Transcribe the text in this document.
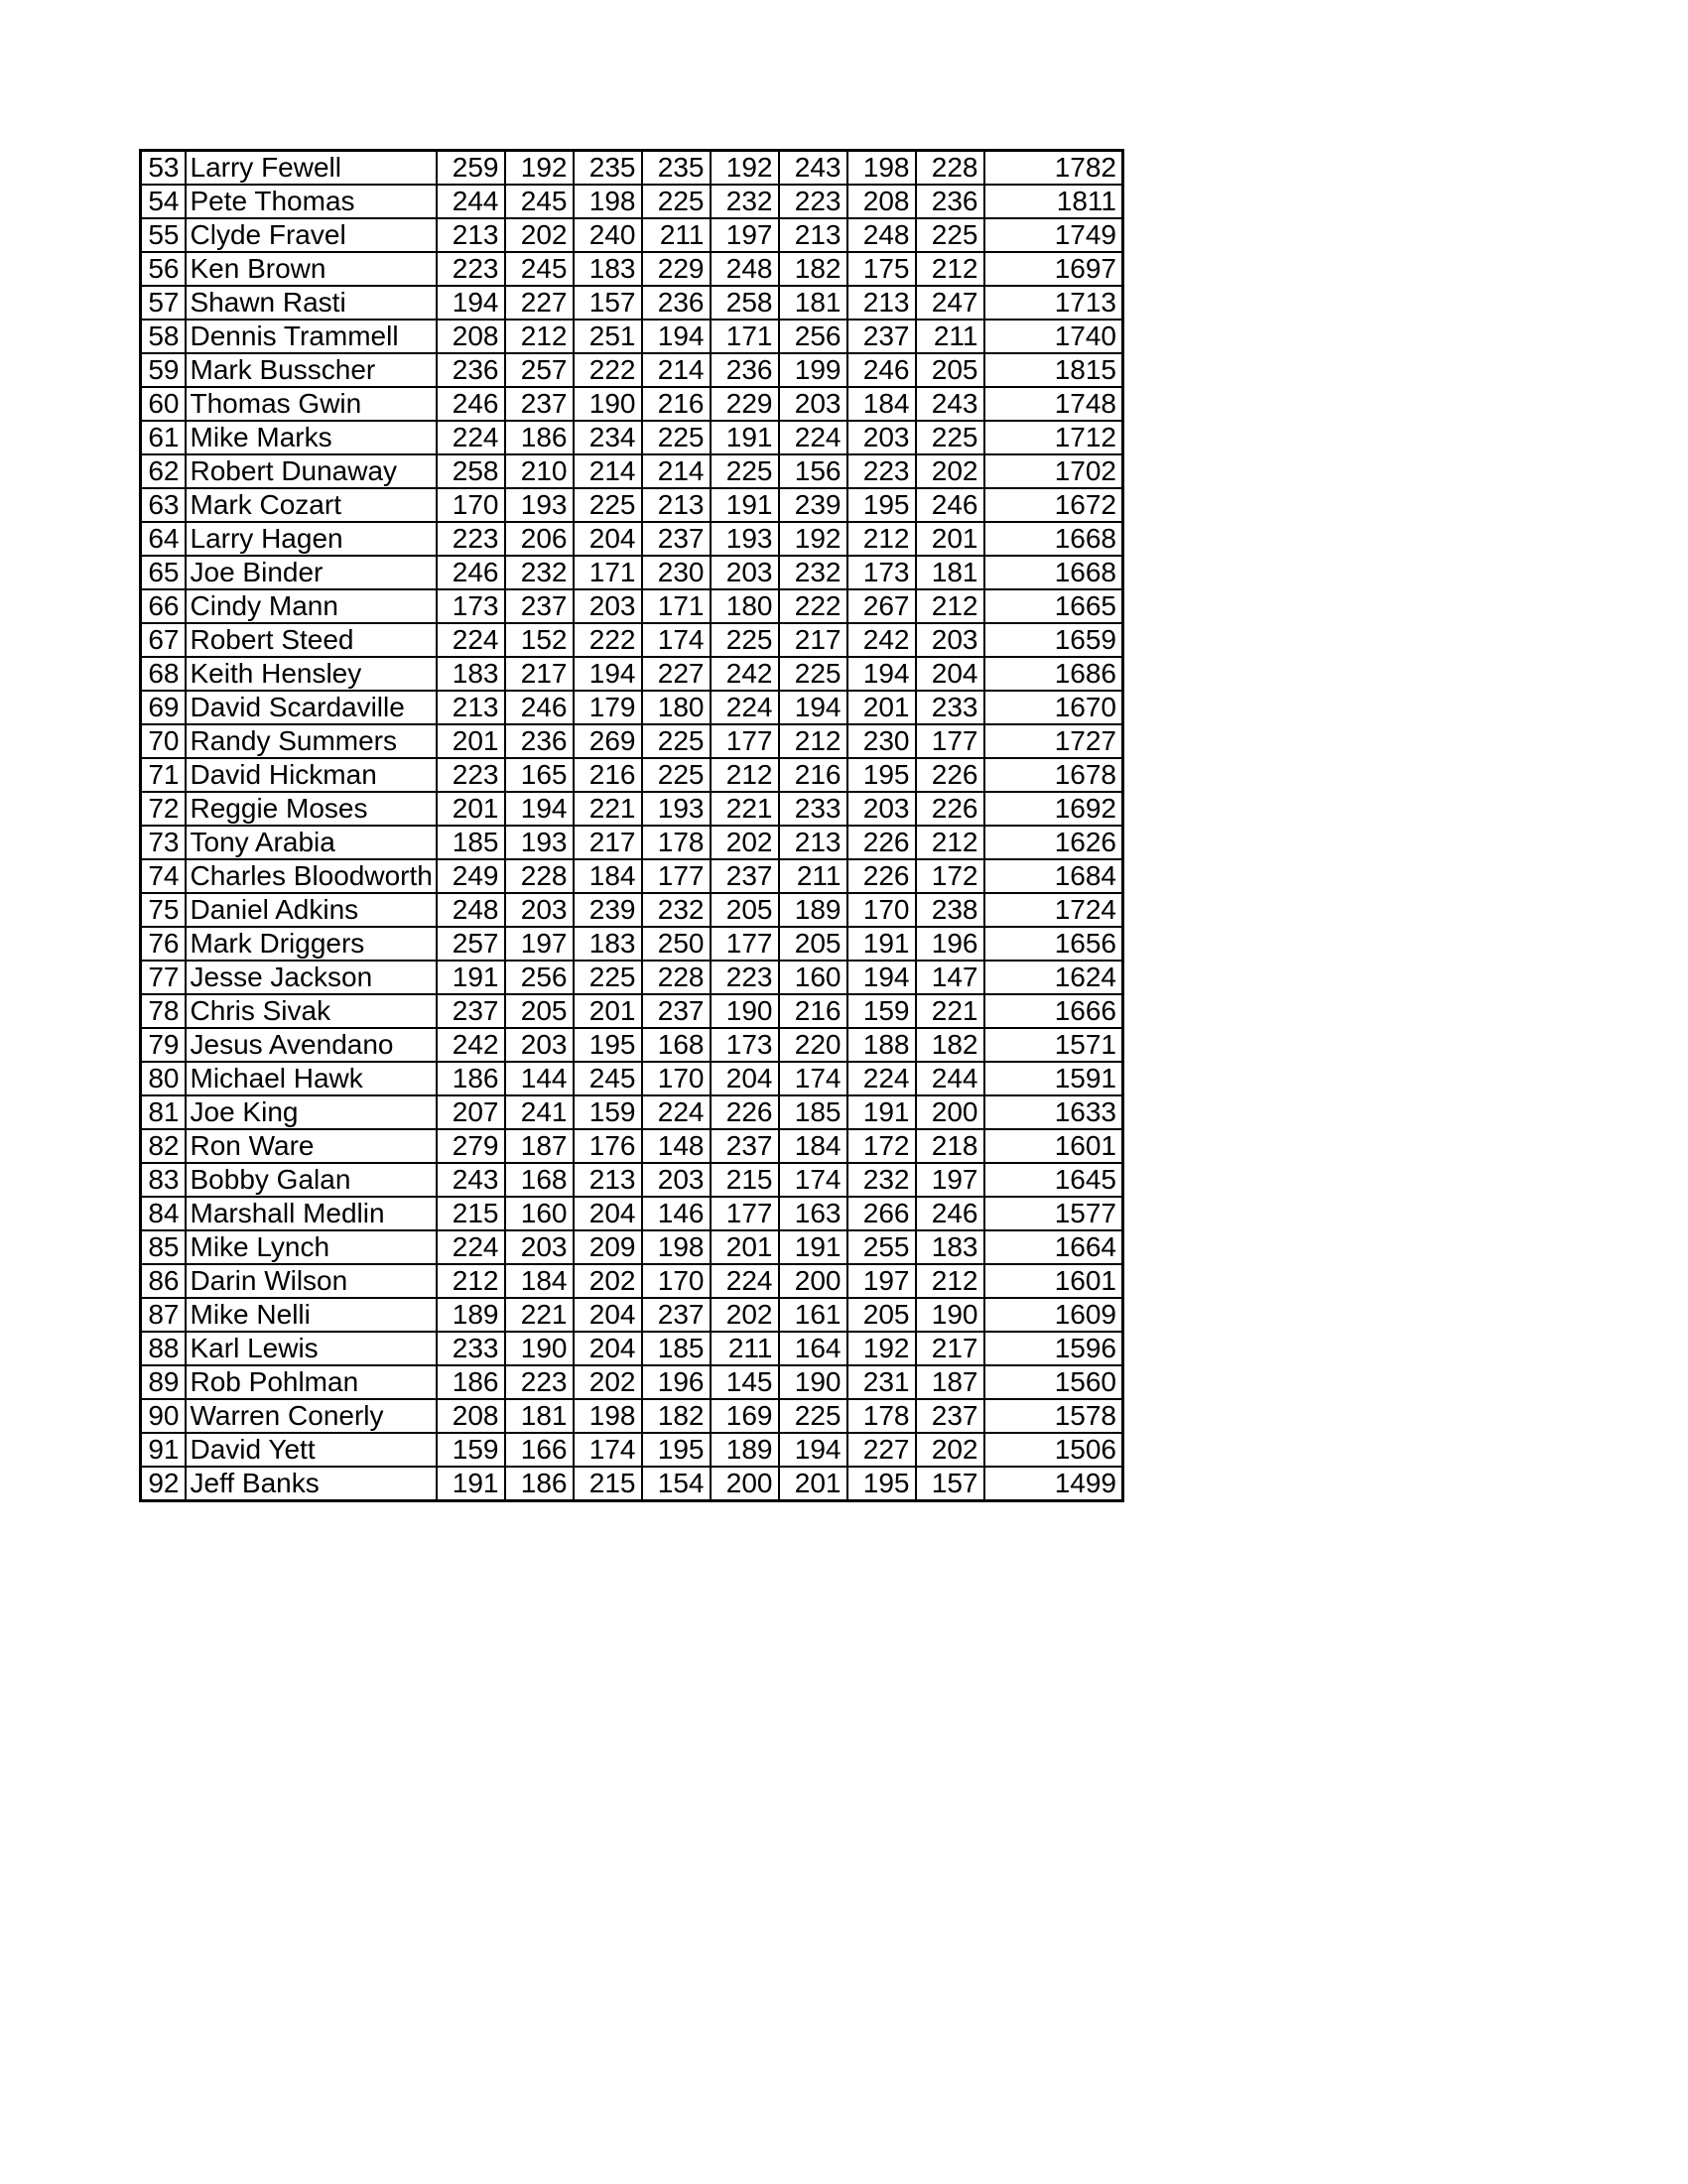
53	Larry Fewell	259	192	235	235	192	243	198	228	1782
54	Pete Thomas	244	245	198	225	232	223	208	236	1811
55	Clyde Fravel	213	202	240	211	197	213	248	225	1749
56	Ken Brown	223	245	183	229	248	182	175	212	1697
57	Shawn Rasti	194	227	157	236	258	181	213	247	1713
58	Dennis Trammell	208	212	251	194	171	256	237	211	1740
59	Mark Busscher	236	257	222	214	236	199	246	205	1815
60	Thomas Gwin	246	237	190	216	229	203	184	243	1748
61	Mike Marks	224	186	234	225	191	224	203	225	1712
62	Robert Dunaway	258	210	214	214	225	156	223	202	1702
63	Mark Cozart	170	193	225	213	191	239	195	246	1672
64	Larry Hagen	223	206	204	237	193	192	212	201	1668
65	Joe Binder	246	232	171	230	203	232	173	181	1668
66	Cindy Mann	173	237	203	171	180	222	267	212	1665
67	Robert Steed	224	152	222	174	225	217	242	203	1659
68	Keith Hensley	183	217	194	227	242	225	194	204	1686
69	David Scardaville	213	246	179	180	224	194	201	233	1670
70	Randy Summers	201	236	269	225	177	212	230	177	1727
71	David Hickman	223	165	216	225	212	216	195	226	1678
72	Reggie Moses	201	194	221	193	221	233	203	226	1692
73	Tony Arabia	185	193	217	178	202	213	226	212	1626
74	Charles Bloodworth	249	228	184	177	237	211	226	172	1684
75	Daniel Adkins	248	203	239	232	205	189	170	238	1724
76	Mark Driggers	257	197	183	250	177	205	191	196	1656
77	Jesse Jackson	191	256	225	228	223	160	194	147	1624
78	Chris Sivak	237	205	201	237	190	216	159	221	1666
79	Jesus Avendano	242	203	195	168	173	220	188	182	1571
80	Michael Hawk	186	144	245	170	204	174	224	244	1591
81	Joe King	207	241	159	224	226	185	191	200	1633
82	Ron Ware	279	187	176	148	237	184	172	218	1601
83	Bobby Galan	243	168	213	203	215	174	232	197	1645
84	Marshall Medlin	215	160	204	146	177	163	266	246	1577
85	Mike Lynch	224	203	209	198	201	191	255	183	1664
86	Darin Wilson	212	184	202	170	224	200	197	212	1601
87	Mike Nelli	189	221	204	237	202	161	205	190	1609
88	Karl Lewis	233	190	204	185	211	164	192	217	1596
89	Rob Pohlman	186	223	202	196	145	190	231	187	1560
90	Warren Conerly	208	181	198	182	169	225	178	237	1578
91	David Yett	159	166	174	195	189	194	227	202	1506
92	Jeff Banks	191	186	215	154	200	201	195	157	1499
